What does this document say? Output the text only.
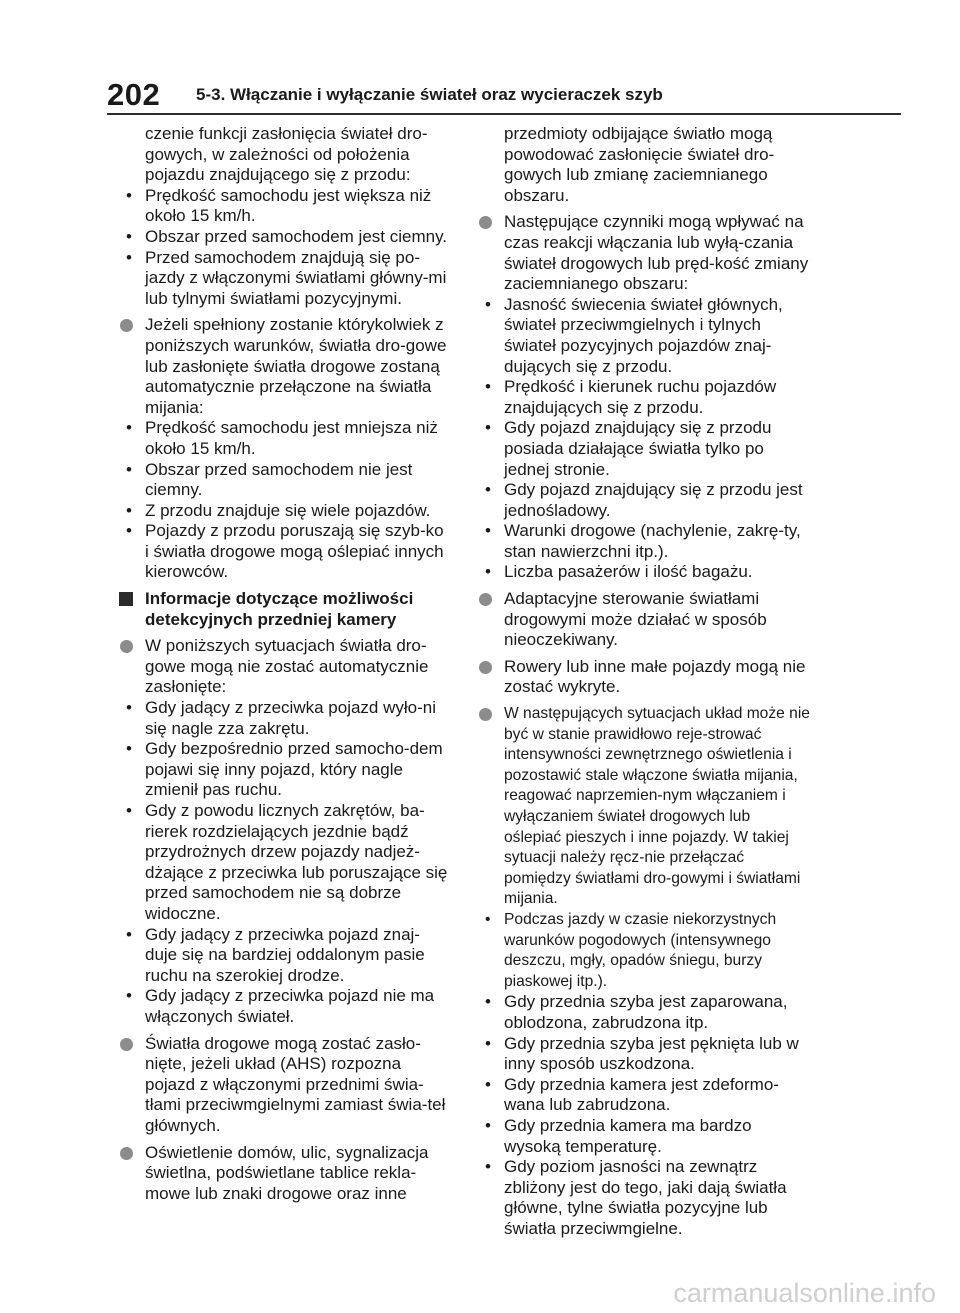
202 5-3. Włączanie i wyłączanie świateł oraz wycieraczek szyb
czenie funkcji zasłonięcia świateł dro-gowych, w zależności od położenia pojazdu znajdującego się z przodu:
• Prędkość samochodu jest większa niż około 15 km/h.
• Obszar przed samochodem jest ciemny.
• Przed samochodem znajdują się po-jazdy z włączonymi światłami główny-mi lub tylnymi światłami pozycyjnymi.
Jeżeli spełniony zostanie którykolwiek z poniższych warunków, światła dro-gowe lub zasłonięte światła drogowe zostaną automatycznie przełączone na światła mijania:
• Prędkość samochodu jest mniejsza niż około 15 km/h.
• Obszar przed samochodem nie jest ciemny.
• Z przodu znajduje się wiele pojazdów.
• Pojazdy z przodu poruszają się szyb-ko i światła drogowe mogą oślepiać innych kierowców.
Informacje dotyczące możliwości detekcyjnych przedniej kamery
W poniższych sytuacjach światła dro-gowe mogą nie zostać automatycznie zasłonięte:
• Gdy jadący z przeciwka pojazd wyło-ni się nagle zza zakrętu.
• Gdy bezpośrednio przed samocho-dem pojawi się inny pojazd, który nagle zmienił pas ruchu.
• Gdy z powodu licznych zakrętów, ba-rierek rozdzielających jezdnie bądź przydrożnych drzew pojazdy nadjeż-dżające z przeciwka lub poruszające się przed samochodem nie są dobrze widoczne.
• Gdy jadący z przeciwka pojazd znaj-duje się na bardziej oddalonym pasie ruchu na szerokiej drodze.
• Gdy jadący z przeciwka pojazd nie ma włączonych świateł.
Światła drogowe mogą zostać zasło-nięte, jeżeli układ (AHS) rozpozna pojazd z włączonymi przednimi świa-tłami przeciwmgielnymi zamiast świa-teł głównych.
Oświetlenie domów, ulic, sygnalizacja świetlna, podświetlane tablice rekla-mowe lub znaki drogowe oraz inne
przedmioty odbijające światło mogą powodować zasłonięcie świateł dro-gowych lub zmianę zaciemnianego obszaru.
Następujące czynniki mogą wpływać na czas reakcji włączania lub wyłą-czania świateł drogowych lub pręd-kość zmiany zaciemnianego obszaru:
• Jasność świecenia świateł głównych, świateł przeciwmgielnych i tylnych świateł pozycyjnych pojazdów znaj-dujących się z przodu.
• Prędkość i kierunek ruchu pojazdów znajdujących się z przodu.
• Gdy pojazd znajdujący się z przodu posiada działające światła tylko po jednej stronie.
• Gdy pojazd znajdujący się z przodu jest jednośladowy.
• Warunki drogowe (nachylenie, zakrę-ty, stan nawierzchni itp.).
• Liczba pasażerów i ilość bagażu.
Adaptacyjne sterowanie światłami drogowymi może działać w sposób nieoczekiwany.
Rowery lub inne małe pojazdy mogą nie zostać wykryte.
W następujących sytuacjach układ może nie być w stanie prawidłowo reje-strować intensywności zewnętrznego oświetlenia i pozostawić stale włączone światła mijania, reagować naprzemien-nym włączaniem i wyłączaniem świateł drogowych lub oślepiać pieszych i inne pojazdy. W takiej sytuacji należy ręcz-nie przełączać pomiędzy światłami dro-gowymi i światłami mijania.
• Podczas jazdy w czasie niekorzystnych warunków pogodowych (intensywnego deszczu, mgły, opadów śniegu, burzy piaskowej itp.).
• Gdy przednia szyba jest zaparowana, oblodzona, zabrudzona itp.
• Gdy przednia szyba jest pęknięta lub w inny sposób uszkodzona.
• Gdy przednia kamera jest zdeformo-wana lub zabrudzona.
• Gdy przednia kamera ma bardzo wysoką temperaturę.
• Gdy poziom jasności na zewnątrz zbliżony jest do tego, jaki dają światła główne, tylne światła pozycyjne lub światła przeciwmgielne.
carmanualsonline.info
